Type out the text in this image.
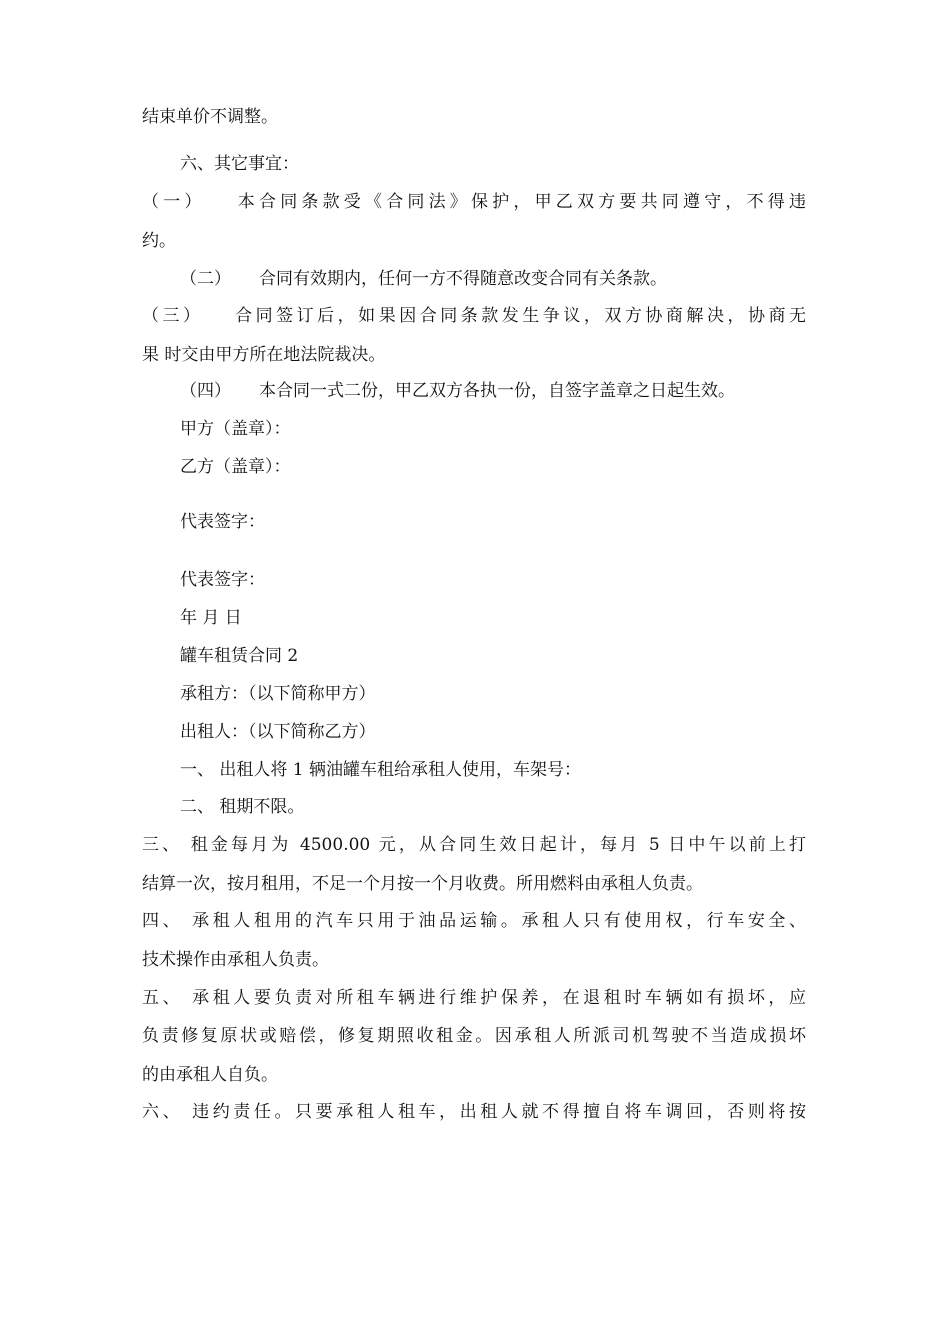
结束单价不调整。
六、其它事宜：
（一） 本合同条款受《合同法》保护，甲乙双方要共同遵守，不得违
约。
（二） 合同有效期内，任何一方不得随意改变合同有关条款。
（三） 合同签订后，如果因合同条款发生争议，双方协商解决，协商无
果 时交由甲方所在地法院裁决。
（四） 本合同一式二份，甲乙双方各执一份，自签字盖章之日起生效。
甲方（盖章）：
乙方（盖章）：
代表签字：
代表签字：
年 月 日
罐车租赁合同 2
承租方：（以下简称甲方）
出租人：（以下简称乙方）
一、 出租人将 1 辆油罐车租给承租人使用，车架号：
二、 租期不限。
三、 租金每月为 4500.00 元，从合同生效日起计，每月 5 日中午以前上打
结算一次，按月租用，不足一个月按一个月收费。所用燃料由承租人负责。
四、 承租人租用的汽车只用于油品运输。承租人只有使用权，行车安全、
技术操作由承租人负责。
五、 承租人要负责对所租车辆进行维护保养，在退租时车辆如有损坏，应
负责修复原状或赔偿，修复期照收租金。因承租人所派司机驾驶不当造成损坏
的由承租人自负。
六、 违约责任。只要承租人租车，出租人就不得擅自将车调回，否则将按
